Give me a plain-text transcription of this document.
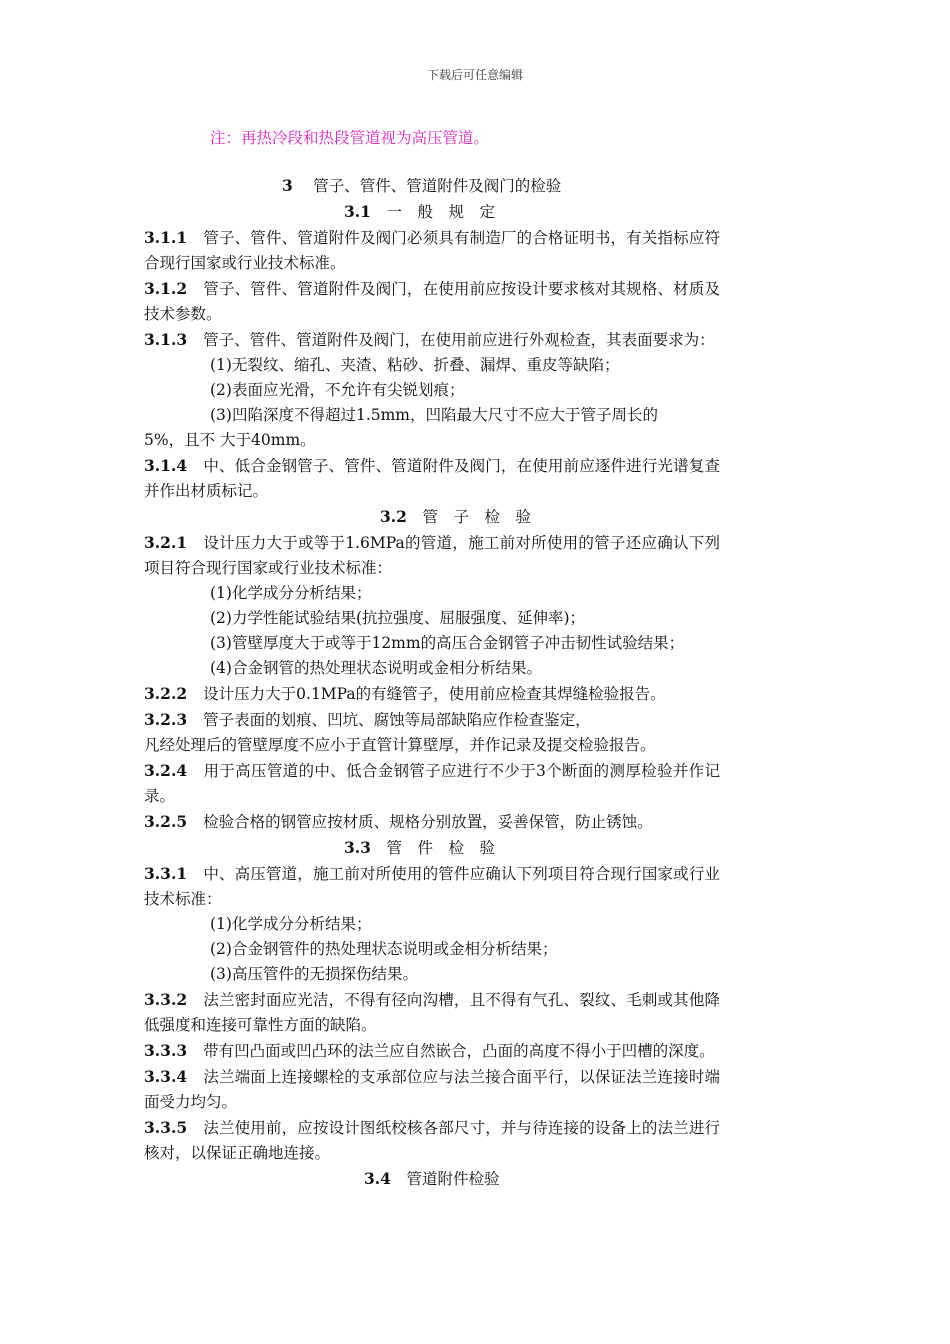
下载后可任意编辑
注：再热冷段和热段管道视为高压管道。
3　 管子、管件、管道附件及阀门的检验
3.1　 一　般　规　定
3.1.1 管子、管件、管道附件及阀门必须具有制造厂的合格证明书，有关指标应符 合现行国家或行业技术标准。
3.1.2 管子、管件、管道附件及阀门，在使用前应按设计要求核对其规格、材质及 技术参数。
3.1.3 管子、管件、管道附件及阀门，在使用前应进行外观检查，其表面要求为：
(1)无裂纹、缩孔、夹渣、粘砂、折叠、漏焊、重皮等缺陷；
(2)表面应光滑，不允许有尖锐划痕；
(3)凹陷深度不得超过1.5mm，凹陷最大尺寸不应大于管子周长的
5%，且不 大于40mm。
3.1.4 中、低合金钢管子、管件、管道附件及阀门，在使用前应逐件进行光谱复查 并作出材质标记。
3.2　 管　子　检　验
3.2.1 设计压力大于或等于1.6MPa的管道，施工前对所使用的管子还应确认下列 项目符合现行国家或行业技术标准：
(1)化学成分分析结果；
(2)力学性能试验结果(抗拉强度、屈服强度、延伸率)；
(3)管壁厚度大于或等于12mm的高压合金钢管子冲击韧性试验结果；
(4)合金钢管的热处理状态说明或金相分析结果。
3.2.2 设计压力大于0.1MPa的有缝管子，使用前应检查其焊缝检验报告。
3.2.3 管子表面的划痕、凹坑、腐蚀等局部缺陷应作检查鉴定，
凡经处理后的管壁厚度不应小于直管计算壁厚，并作记录及提交检验报告。
3.2.4 用于高压管道的中、低合金钢管子应进行不少于3个断面的测厚检验并作记 录。
3.2.5 检验合格的钢管应按材质、规格分别放置，妥善保管，防止锈蚀。
3.3　 管　件　检　验
3.3.1 中、高压管道，施工前对所使用的管件应确认下列项目符合现行国家或行业 技术标准：
(1)化学成分分析结果；
(2)合金钢管件的热处理状态说明或金相分析结果；
(3)高压管件的无损探伤结果。
3.3.2 法兰密封面应光洁，不得有径向沟槽，且不得有气孔、裂纹、毛刺或其他降 低强度和连接可靠性方面的缺陷。
3.3.3 带有凹凸面或凹凸环的法兰应自然嵌合，凸面的高度不得小于凹槽的深度。
3.3.4 法兰端面上连接螺栓的支承部位应与法兰接合面平行，以保证法兰连接时端 面受力均匀。
3.3.5 法兰使用前，应按设计图纸校核各部尺寸，并与待连接的设备上的法兰进行 核对，以保证正确地连接。
3.4　 管道附件检验
